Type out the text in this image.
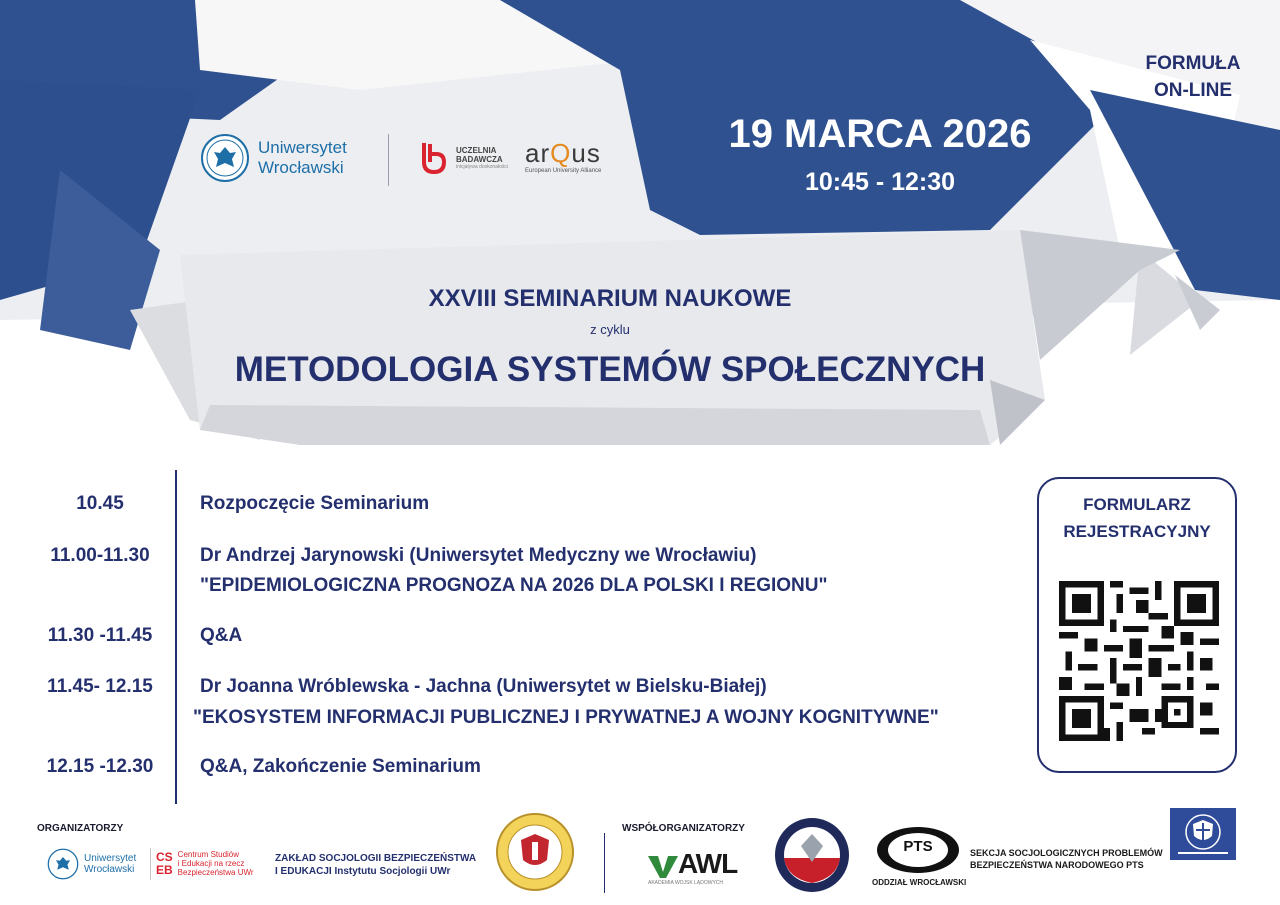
Uniwersytet
Wrocławski
UCZELNIA
BADAWCZA
inicjatywa doskonałości arQus
European University Alliance
19 MARCA 2026
10:45 - 12:30
FORMUŁA
ON-LINE
XXVIII SEMINARIUM NAUKOWE
z cyklu
METODOLOGIA SYSTEMÓW SPOŁECZNYCH
10.45	Rozpoczęcie Seminarium
11.00-11.30	Dr Andrzej Jarynowski (Uniwersytet Medyczny we Wrocławiu)
"EPIDEMIOLOGICZNA PROGNOZA NA 2026 DLA POLSKI I REGIONU"
11.30 -11.45	Q&A
11.45- 12.15	Dr Joanna Wróblewska - Jachna (Uniwersytet w Bielsku-Białej)
"EKOSYSTEM INFORMACJI PUBLICZNEJ I PRYWATNEJ A WOJNY KOGNITYWNE"
12.15 -12.30	Q&A, Zakończenie Seminarium
FORMULARZ
REJESTRACYJNY
ORGANIZATORZY
Uniwersytet
Wrocławski
CS
EB
Centrum Studiów
i Edukacji na rzecz
Bezpieczeństwa UWr
ZAKŁAD SOCJOLOGII BEZPIECZEŃSTWA
I EDUKACJI Instytutu Socjologii UWr
WSPÓŁORGANIZATORZY
AWL
AKADEMIA WOJSK LĄDOWYCH
PTS
ODDZIAŁ WROCŁAWSKI
SEKCJA SOCJOLOGICZNYCH PROBLEMÓW
BEZPIECZEŃSTWA NARODOWEGO PTS
